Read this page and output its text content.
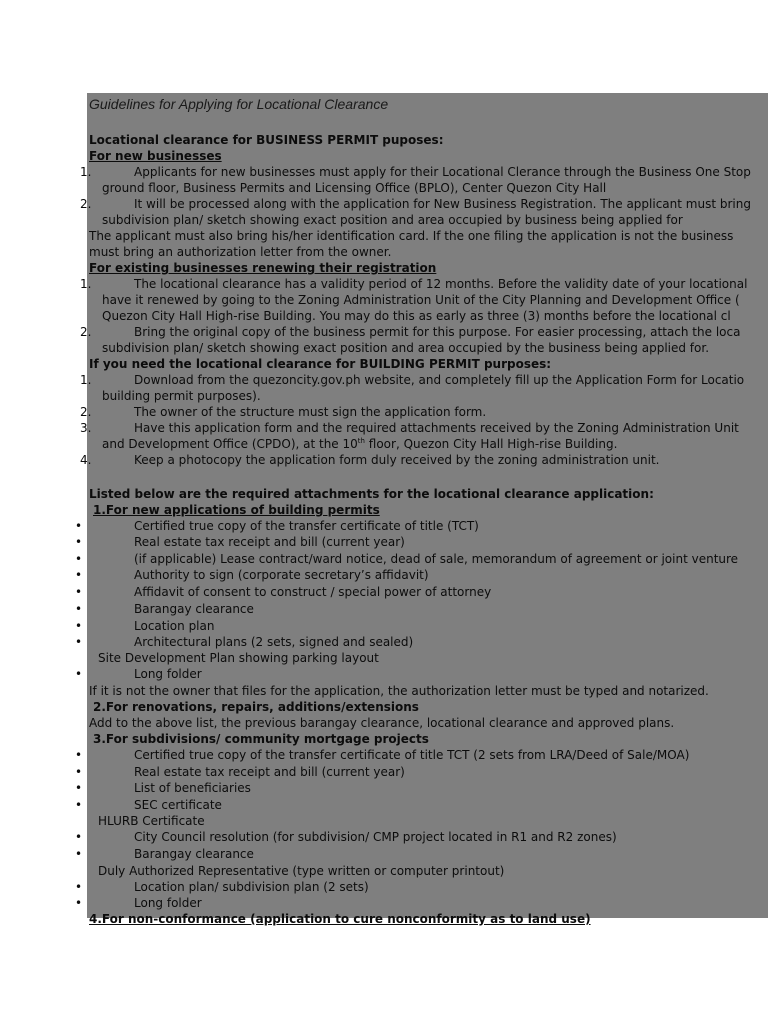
Guidelines for Applying for Locational Clearance
Locational clearance for BUSINESS PERMIT puposes:
For new businesses
1.	Applicants for new businesses must apply for their Locational Clerance through the Business One Stop
ground floor, Business Permits and Licensing Office (BPLO), Center Quezon City Hall
2.	It will be processed along with the application for New Business Registration. The applicant must bring
subdivision plan/ sketch showing exact position and area occupied by business being applied for
The applicant must also bring his/her identification card. If the one filing the application is not the business
must bring an authorization letter from the owner.
For existing businesses renewing their registration
1.	The locational clearance has a validity period of 12 months. Before the validity date of your locational
have it renewed by going to the Zoning Administration Unit of the City Planning and Development Office (
Quezon City Hall High-rise Building. You may do this as early as three (3) months before the locational cl
2.	Bring the original copy of the business permit for this purpose. For easier processing, attach the loca
subdivision plan/ sketch showing exact position and area occupied by the business being applied for.
If you need the locational clearance for BUILDING PERMIT purposes:
1.	Download from the quezoncity.gov.ph website, and completely fill up the Application Form for Locatio
building permit purposes).
2.	The owner of the structure must sign the application form.
3.	Have this application form and the required attachments received by the Zoning Administration Unit
and Development Office (CPDO), at the 10th floor, Quezon City Hall High-rise Building.
4.	Keep a photocopy the application form duly received by the zoning administration unit.
Listed below are the required attachments for the locational clearance application:
1.For new applications of building permits
•	Certified true copy of the transfer certificate of title (TCT)
•	Real estate tax receipt and bill (current year)
•	(if applicable) Lease contract/ward notice, dead of sale, memorandum of agreement or joint venture
•	Authority to sign (corporate secretary’s affidavit)
•	Affidavit of consent to construct / special power of attorney
•	Barangay clearance
•	Location plan
•	Architectural plans (2 sets, signed and sealed)
Site Development Plan showing parking layout
•	Long folder
If it is not the owner that files for the application, the authorization letter must be typed and notarized.
2.For renovations, repairs, additions/extensions
Add to the above list, the previous barangay clearance, locational clearance and approved plans.
3.For subdivisions/ community mortgage projects
•	Certified true copy of the transfer certificate of title TCT (2 sets from LRA/Deed of Sale/MOA)
•	Real estate tax receipt and bill (current year)
•	List of beneficiaries
•	SEC certificate
HLURB Certificate
•	City Council resolution (for subdivision/ CMP project located in R1 and R2 zones)
•	Barangay clearance
Duly Authorized Representative (type written or computer printout)
•	Location plan/ subdivision plan (2 sets)
•	Long folder
4.For non-conformance (application to cure nonconformity as to land use)
